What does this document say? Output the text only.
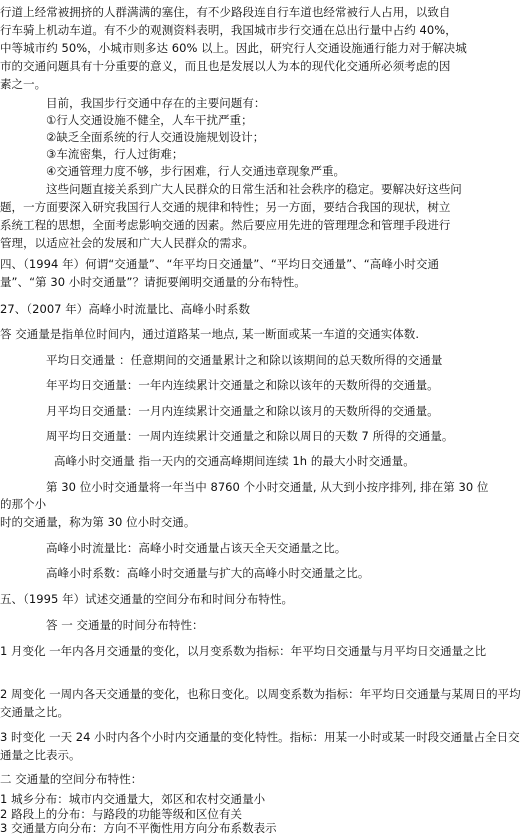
行道上经常被拥挤的人群满满的塞住，有不少路段连自行车道也经常被行人占用，以致自
行车骑上机动车道。有不少的观测资料表明，我国城市步行交通在总出行量中占约 40%，
中等城市约 50%，小城市则多达 60% 以上。因此，研究行人交通设施通行能力对于解决城
市的交通问题具有十分重要的意义，而且也是发展以人为本的现代化交通所必须考虑的因
素之一。
目前，我国步行交通中存在的主要问题有：
①行人交通设施不健全，人车干扰严重；
②缺乏全面系统的行人交通设施规划设计；
③车流密集，行人过街难；
④交通管理力度不够，步行困难，行人交通违章现象严重。
这些问题直接关系到广大人民群众的日常生活和社会秩序的稳定。要解决好这些问
题，一方面要深入研究我国行人交通的规律和特性；另一方面，要结合我国的现状，树立
系统工程的思想，全面考虑影响交通的因素。然后要应用先进的管理理念和管理手段进行
管理，以适应社会的发展和广大人民群众的需求。
四、（1994 年）何谓“交通量”、“年平均日交通量”、“平均日交通量”、“高峰小时交通
量”、“第 30 小时交通量”？请扼要阐明交通量的分布特性。
27、（2007 年）高峰小时流量比、高峰小时系数
答 交通量是指单位时间内，通过道路某一地点, 某一断面或某一车道的交通实体数.
平均日交通量 ：任意期间的交通量累计之和除以该期间的总天数所得的交通量
年平均日交通量：一年内连续累计交通量之和除以该年的天数所得的交通量。
月平均日交通量：一月内连续累计交通量之和除以该月的天数所得的交通量。
周平均日交通量：一周内连续累计交通量之和除以周日的天数 7 所得的交通量。
高峰小时交通量 指一天内的交通高峰期间连续 1h 的最大小时交通量。
第 30 位小时交通量将一年当中 8760 个小时交通量, 从大到小按序排列, 排在第 30 位
的那个小
时的交通量，称为第 30 位小时交通。
高峰小时流量比：高峰小时交通量占该天全天交通量之比。
高峰小时系数：高峰小时交通量与扩大的高峰小时交通量之比。
五、（1995 年）试述交通量的空间分布和时间分布特性。
答 一 交通量的时间分布特性：
1 月变化 一年内各月交通量的变化，以月变系数为指标：年平均日交通量与月平均日交通量之比
2 周变化 一周内各天交通量的变化，也称日变化。以周变系数为指标：年平均日交通量与某周日的平均交通量之比。
3 时变化 一天 24 小时内各个小时内交通量的变化特性。指标：用某一小时或某一时段交通量占全日交通量之比表示。
二 交通量的空间分布特性：
1 城乡分布：城市内交通量大，郊区和农村交通量小
2 路段上的分布：与路段的功能等级和区位有关
3 交通量方向分布：方向不平衡性用方向分布系数表示
